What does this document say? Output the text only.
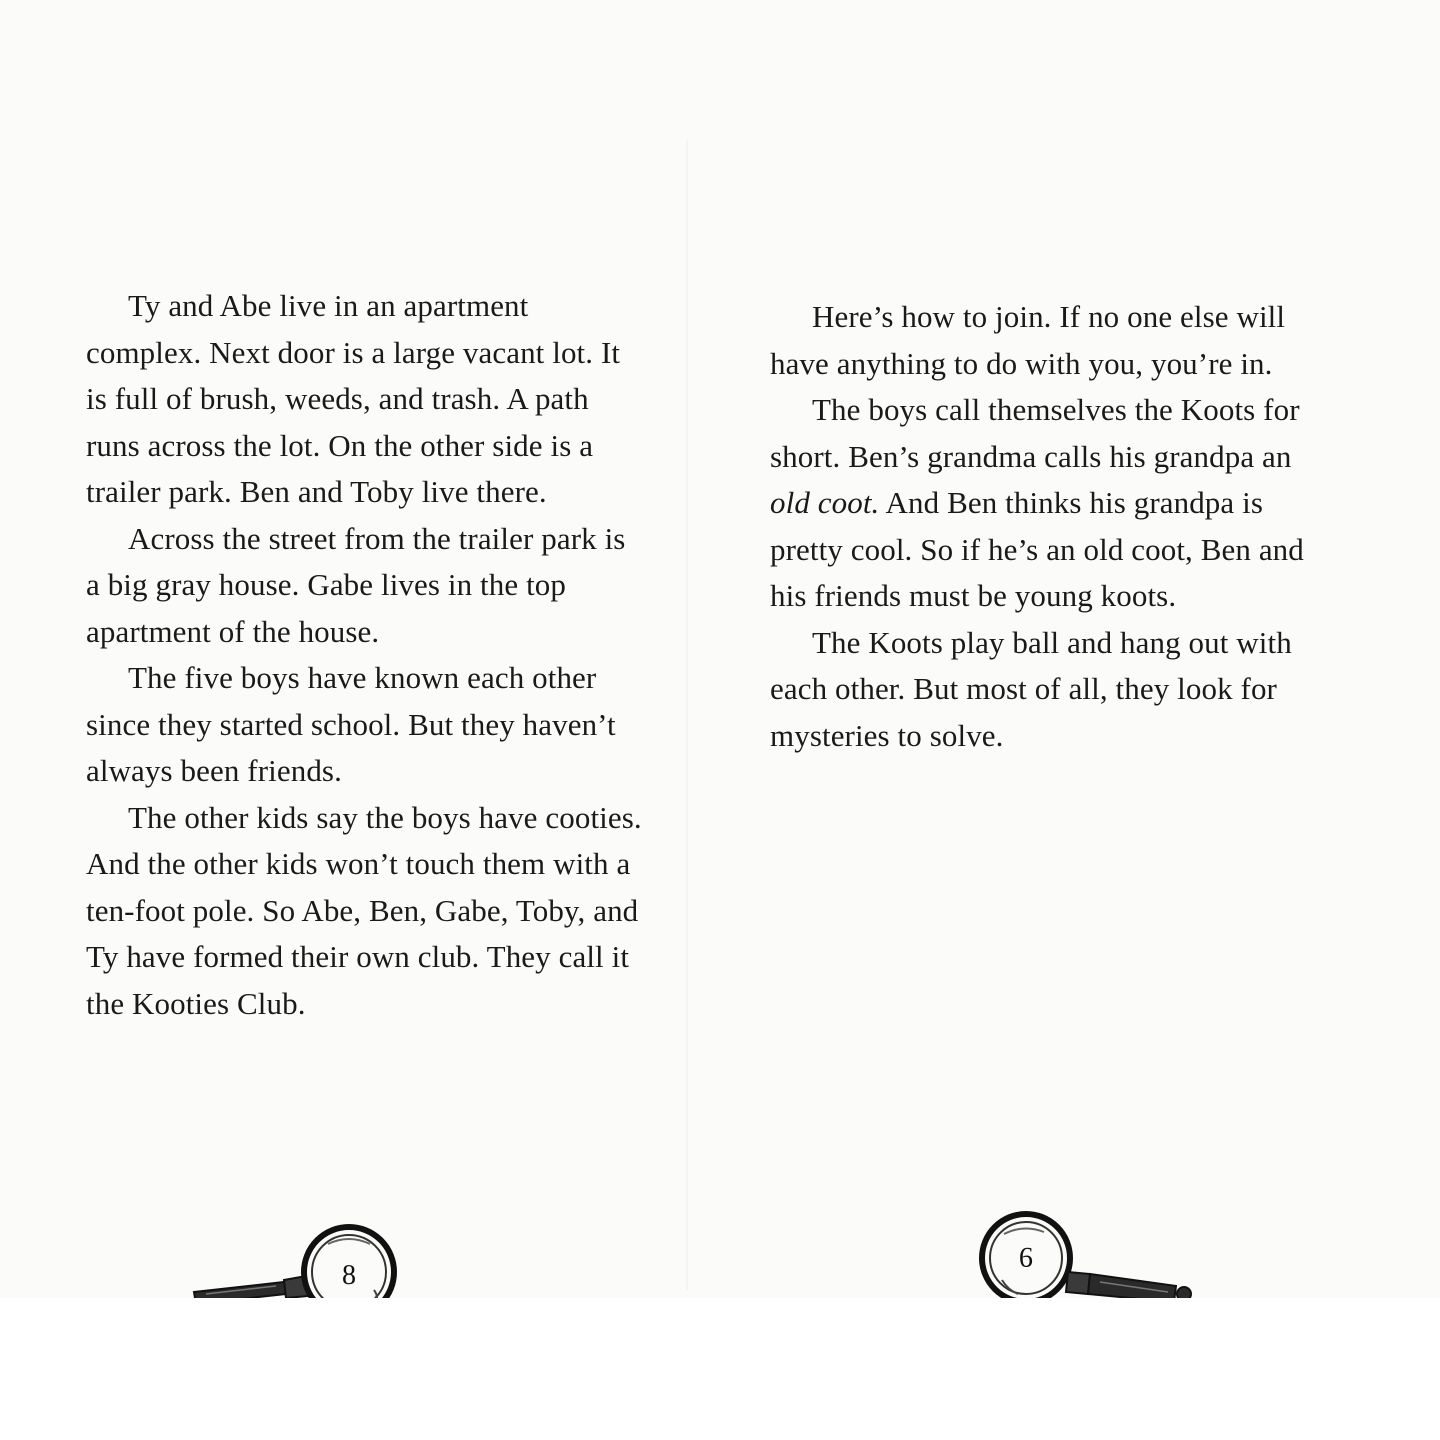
Ty and Abe live in an apartment complex. Next door is a large vacant lot. It is full of brush, weeds, and trash. A path runs across the lot. On the other side is a trailer park. Ben and Toby live there.

Across the street from the trailer park is a big gray house. Gabe lives in the top apartment of the house.

The five boys have known each other since they started school. But they haven’t always been friends.

The other kids say the boys have cooties. And the other kids won’t touch them with a ten-foot pole. So Abe, Ben, Gabe, Toby, and Ty have formed their own club. They call it the Kooties Club.

Here’s how to join. If no one else will have anything to do with you, you’re in.

The boys call themselves the Koots for short. Ben’s grandma calls his grandpa an old coot. And Ben thinks his grandpa is pretty cool. So if he’s an old coot, Ben and his friends must be young koots.

The Koots play ball and hang out with each other. But most of all, they look for mysteries to solve.

8
9
